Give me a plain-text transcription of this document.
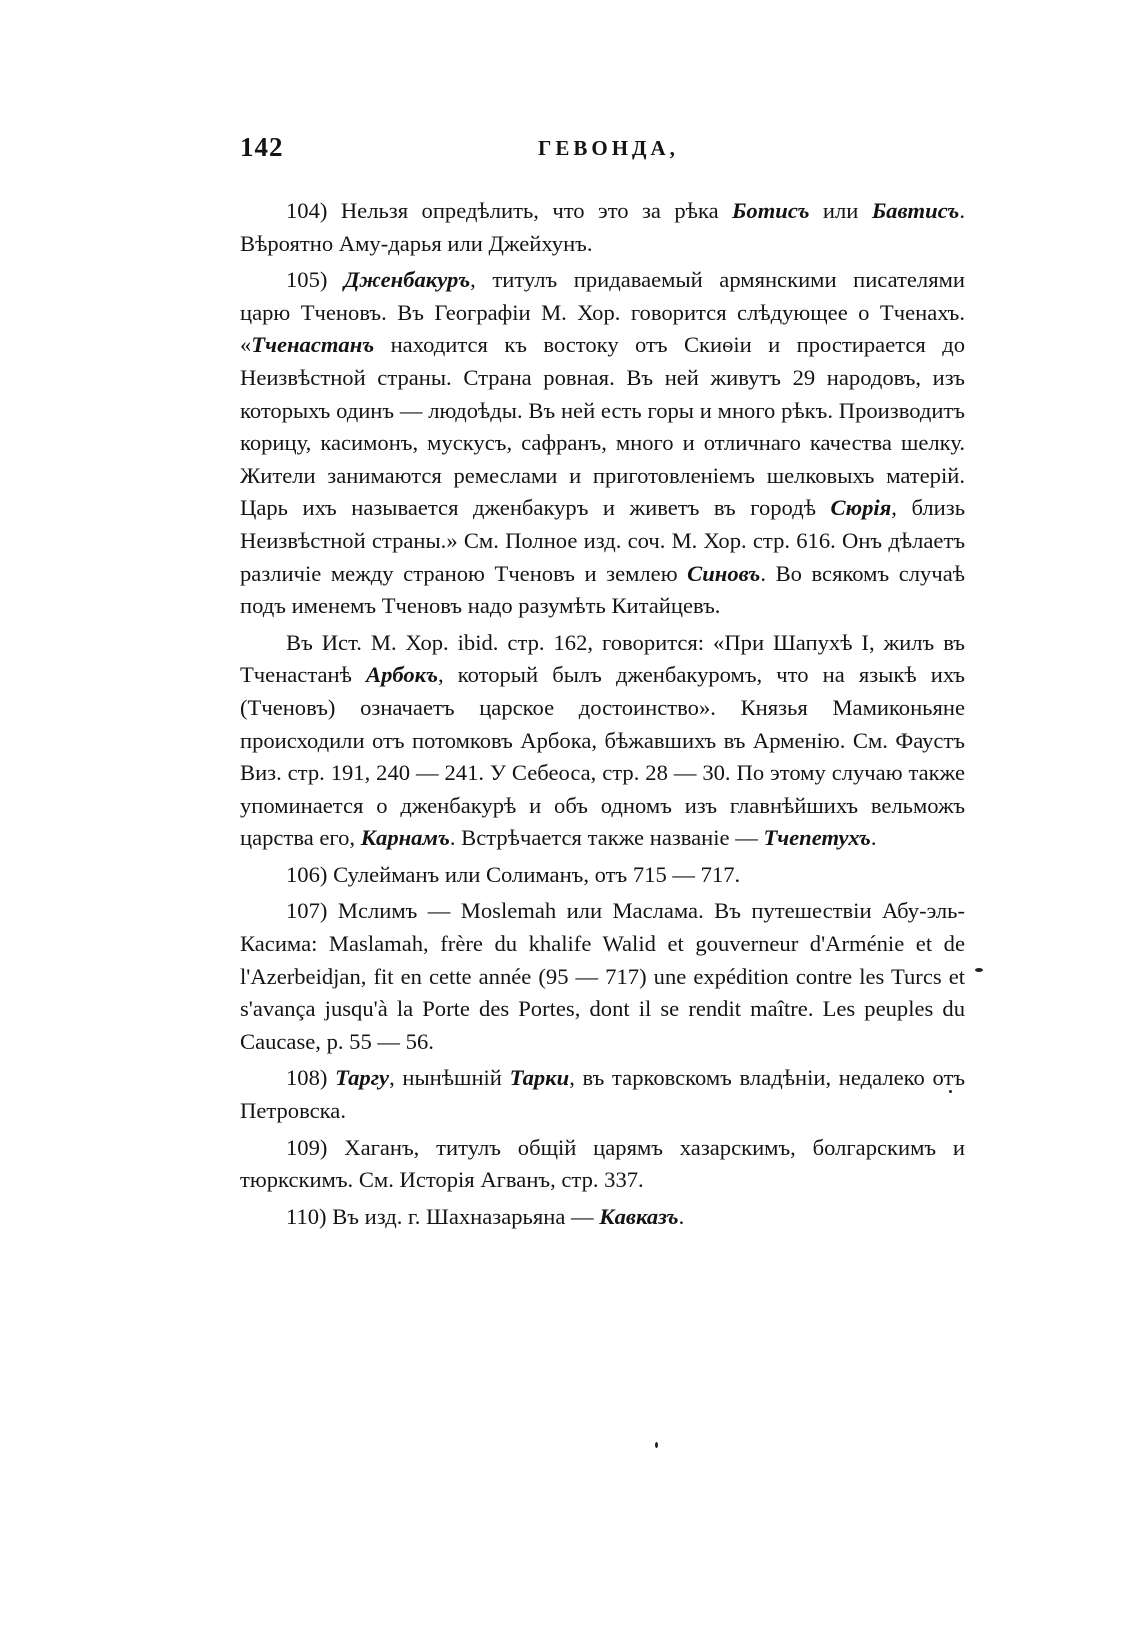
142	ГЕВОНДА,

104) Нельзя опредѣлить, что это за рѣка Ботисъ или Бавтисъ. Вѣроятно Аму-дарья или Джейхунъ.

105) Дженбакуръ, титулъ придаваемый армянскими писателями царю Тченовъ. Въ Географіи М. Хор. говорится слѣдующее о Тченахъ. «Тченастанъ находится къ востоку отъ Скиѳіи и простирается до Неизвѣстной страны. Страна ровная. Въ ней живутъ 29 народовъ, изъ которыхъ одинъ — людоѣды. Въ ней есть горы и много рѣкъ. Производитъ корицу, касимонъ, мускусъ, сафранъ, много и отличнаго качества шелку. Жители занимаются ремеслами и приготовленіемъ шелковыхъ матерій. Царь ихъ называется дженбакуръ и живетъ въ городѣ Сюрія, близь Неизвѣстной страны.» См. Полное изд. соч. М. Хор. стр. 616. Онъ дѣлаетъ различіе между страною Тченовъ и землею Синовъ. Во всякомъ случаѣ подъ именемъ Тченовъ надо разумѣть Китайцевъ.

Въ Ист. М. Хор. ibid. стр. 162, говорится: «При Шапухѣ I, жилъ въ Тченастанѣ Арбокъ, который былъ дженбакуромъ, что на языкѣ ихъ (Тченовъ) означаетъ царское достоинство». Князья Мамиконьяне происходили отъ потомковъ Арбока, бѣжавшихъ въ Арменію. См. Фаустъ Виз. стр. 191, 240 — 241. У Себеоса, стр. 28 — 30. По этому случаю также упоминается о дженбакурѣ и объ одномъ изъ главнѣйшихъ вельможъ царства его, Карнамъ. Встрѣчается также названіе — Тчепетухъ.

106) Сулейманъ или Солиманъ, отъ 715 — 717.

107) Мслимъ — Moslemah или Маслама. Въ путешествіи Абу-эль-Касима: Maslamah, frère du khalife Walid et gouverneur d'Arménie et de l'Azerbeidjan, fit en cette année (95 — 717) une expédition contre les Turcs et s'avança jusqu'à la Porte des Portes, dont il se rendit maître. Les peuples du Caucase, p. 55 — 56.

108) Таргу, нынѣшній Тарки, въ тарковскомъ владѣніи, недалеко отъ Петровска.

109) Хаганъ, титулъ общій царямъ хазарскимъ, болгарскимъ и тюркскимъ. См. Исторія Агванъ, стр. 337.

110) Въ изд. г. Шахназарьяна — Кавказъ.
